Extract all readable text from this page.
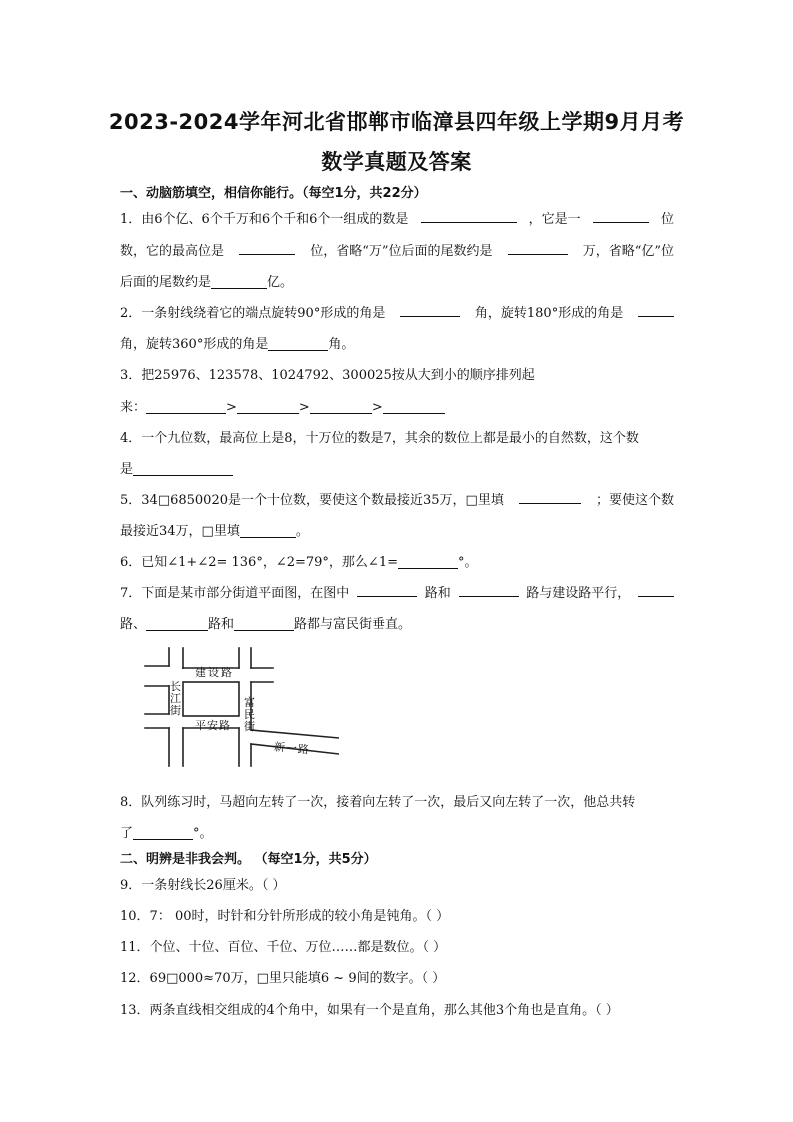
2023-2024学年河北省邯郸市临漳县四年级上学期9月月考
数学真题及答案
一、动脑筋填空，相信你能行。（每空1分，共22分）
1．由6个亿、6个千万和6个千和6个一组成的数是	，它是一	位
数，它的最高位是	位，省略“万”位后面的尾数约是	万，省略“亿”位
后面的尾数约是	亿。
2．一条射线绕着它的端点旋转90°形成的角是	角，旋转180°形成的角是
角，旋转360°形成的角是	角。
3．把25976、123578、1024792、300025按从大到小的顺序排列起
来：	>	>	>
4．一个九位数，最高位上是8，十万位的数是7，其余的数位上都是最小的自然数，这个数
是
5．34□6850020是一个十位数，要使这个数最接近35万，□里填	；要使这个数
最接近34万，□里填	。
6．已知∠1+∠2= 136°，∠2=79°，那么∠1=	°。
7．下面是某市部分街道平面图，在图中	路和	路与建设路平行，
路、	路和	路都与富民街垂直。
建设路
长江街
平安路
富民街
新一路
8．队列练习时，马超向左转了一次，接着向左转了一次，最后又向左转了一次，他总共转
了	°。
二、明辨是非我会判。 （每空1分，共5分）
9．一条射线长26厘米。（ ）
10．7： 00时，时针和分针所形成的较小角是钝角。（ ）
11．个位、十位、百位、千位、万位……都是数位。（ ）
12．69□000≈70万，□里只能填6 ~ 9间的数字。（ ）
13．两条直线相交组成的4个角中，如果有一个是直角，那么其他3个角也是直角。（ ）
